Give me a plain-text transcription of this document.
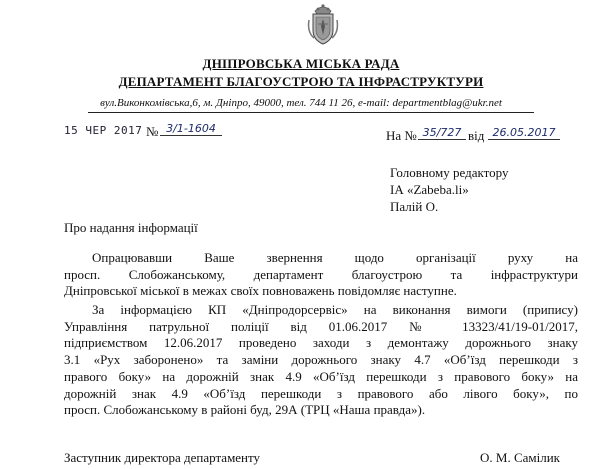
ДНІПРОВСЬКА МІСЬКА РАДА
ДЕПАРТАМЕНТ БЛАГОУСТРОЮ ТА ІНФРАСТРУКТУРИ
вул.Виконкомівська,6, м. Дніпро, 49000, тел. 744 11 26, e-mail: departmentblag@ukr.net
15 ЧЕР 2017 № 3/1-1604	На № 35/727 від 26.05.2017
Головному редактору
ІА «Zabeba.li»
Палій О.
Про надання інформації
Опрацювавши Ваше звернення щодо організації руху на
просп. Слобожанському, департамент благоустрою та інфраструктури
Дніпровської міської в межах своїх повноважень повідомляє наступне.
За інформацією КП «Дніпродорсервіс» на виконання вимоги (припису)
Управління патрульної поліції від 01.06.2017 № 13323/41/19-01/2017,
підприємством 12.06.2017 проведено заходи з демонтажу дорожнього знаку
3.1 «Рух заборонено» та заміни дорожнього знаку 4.7 «Об’їзд перешкоди з
правого боку» на дорожній знак 4.9 «Об’їзд перешкоди з правового боку» на
дорожній знак 4.9 «Об’їзд перешкоди з правового або лівого боку», по
просп. Слобожанському в районі буд, 29А (ТРЦ «Наша правда»).
Заступник директора департаменту	О. М. Самілик
